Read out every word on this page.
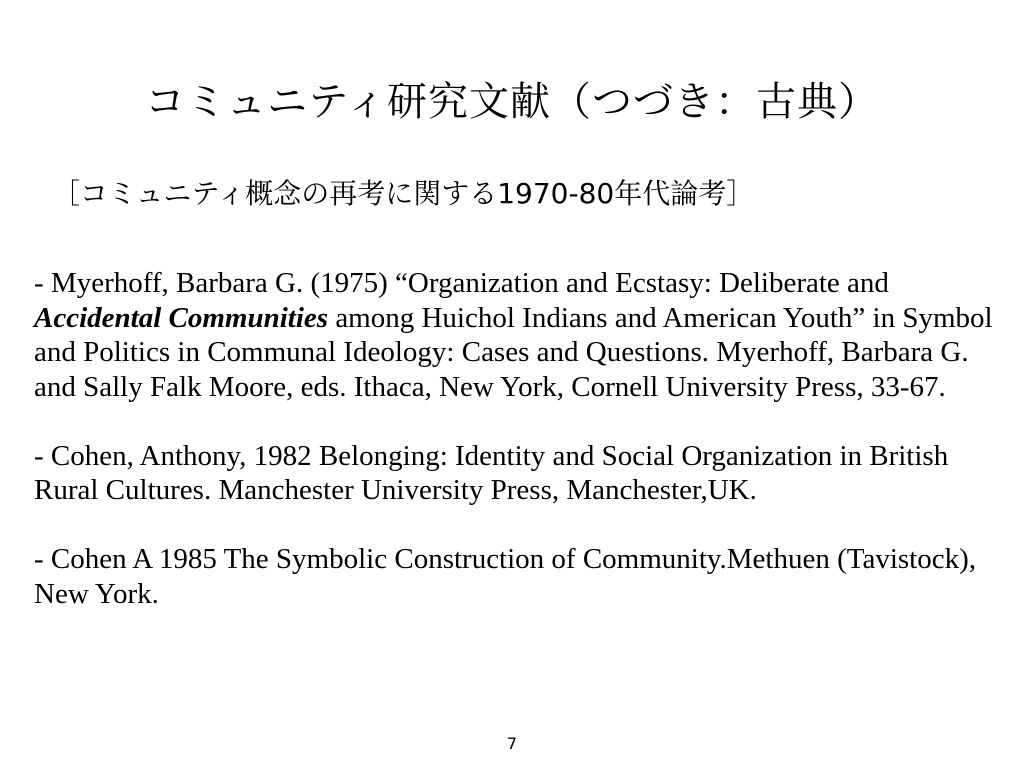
コミュニティ研究文献（つづき：古典）
［コミュニティ概念の再考に関する1970-80年代論考］

- Myerhoff, Barbara G. (1975) “Organization and Ecstasy: Deliberate and Accidental Communities among Huichol Indians and American Youth” in Symbol and Politics in Communal Ideology: Cases and Questions. Myerhoff, Barbara G. and Sally Falk Moore, eds. Ithaca, New York, Cornell University Press, 33-67.

- Cohen, Anthony, 1982 Belonging: Identity and Social Organization in British Rural Cultures. Manchester University Press, Manchester,UK.

- Cohen A 1985 The Symbolic Construction of Community.Methuen (Tavistock), New York.

7
